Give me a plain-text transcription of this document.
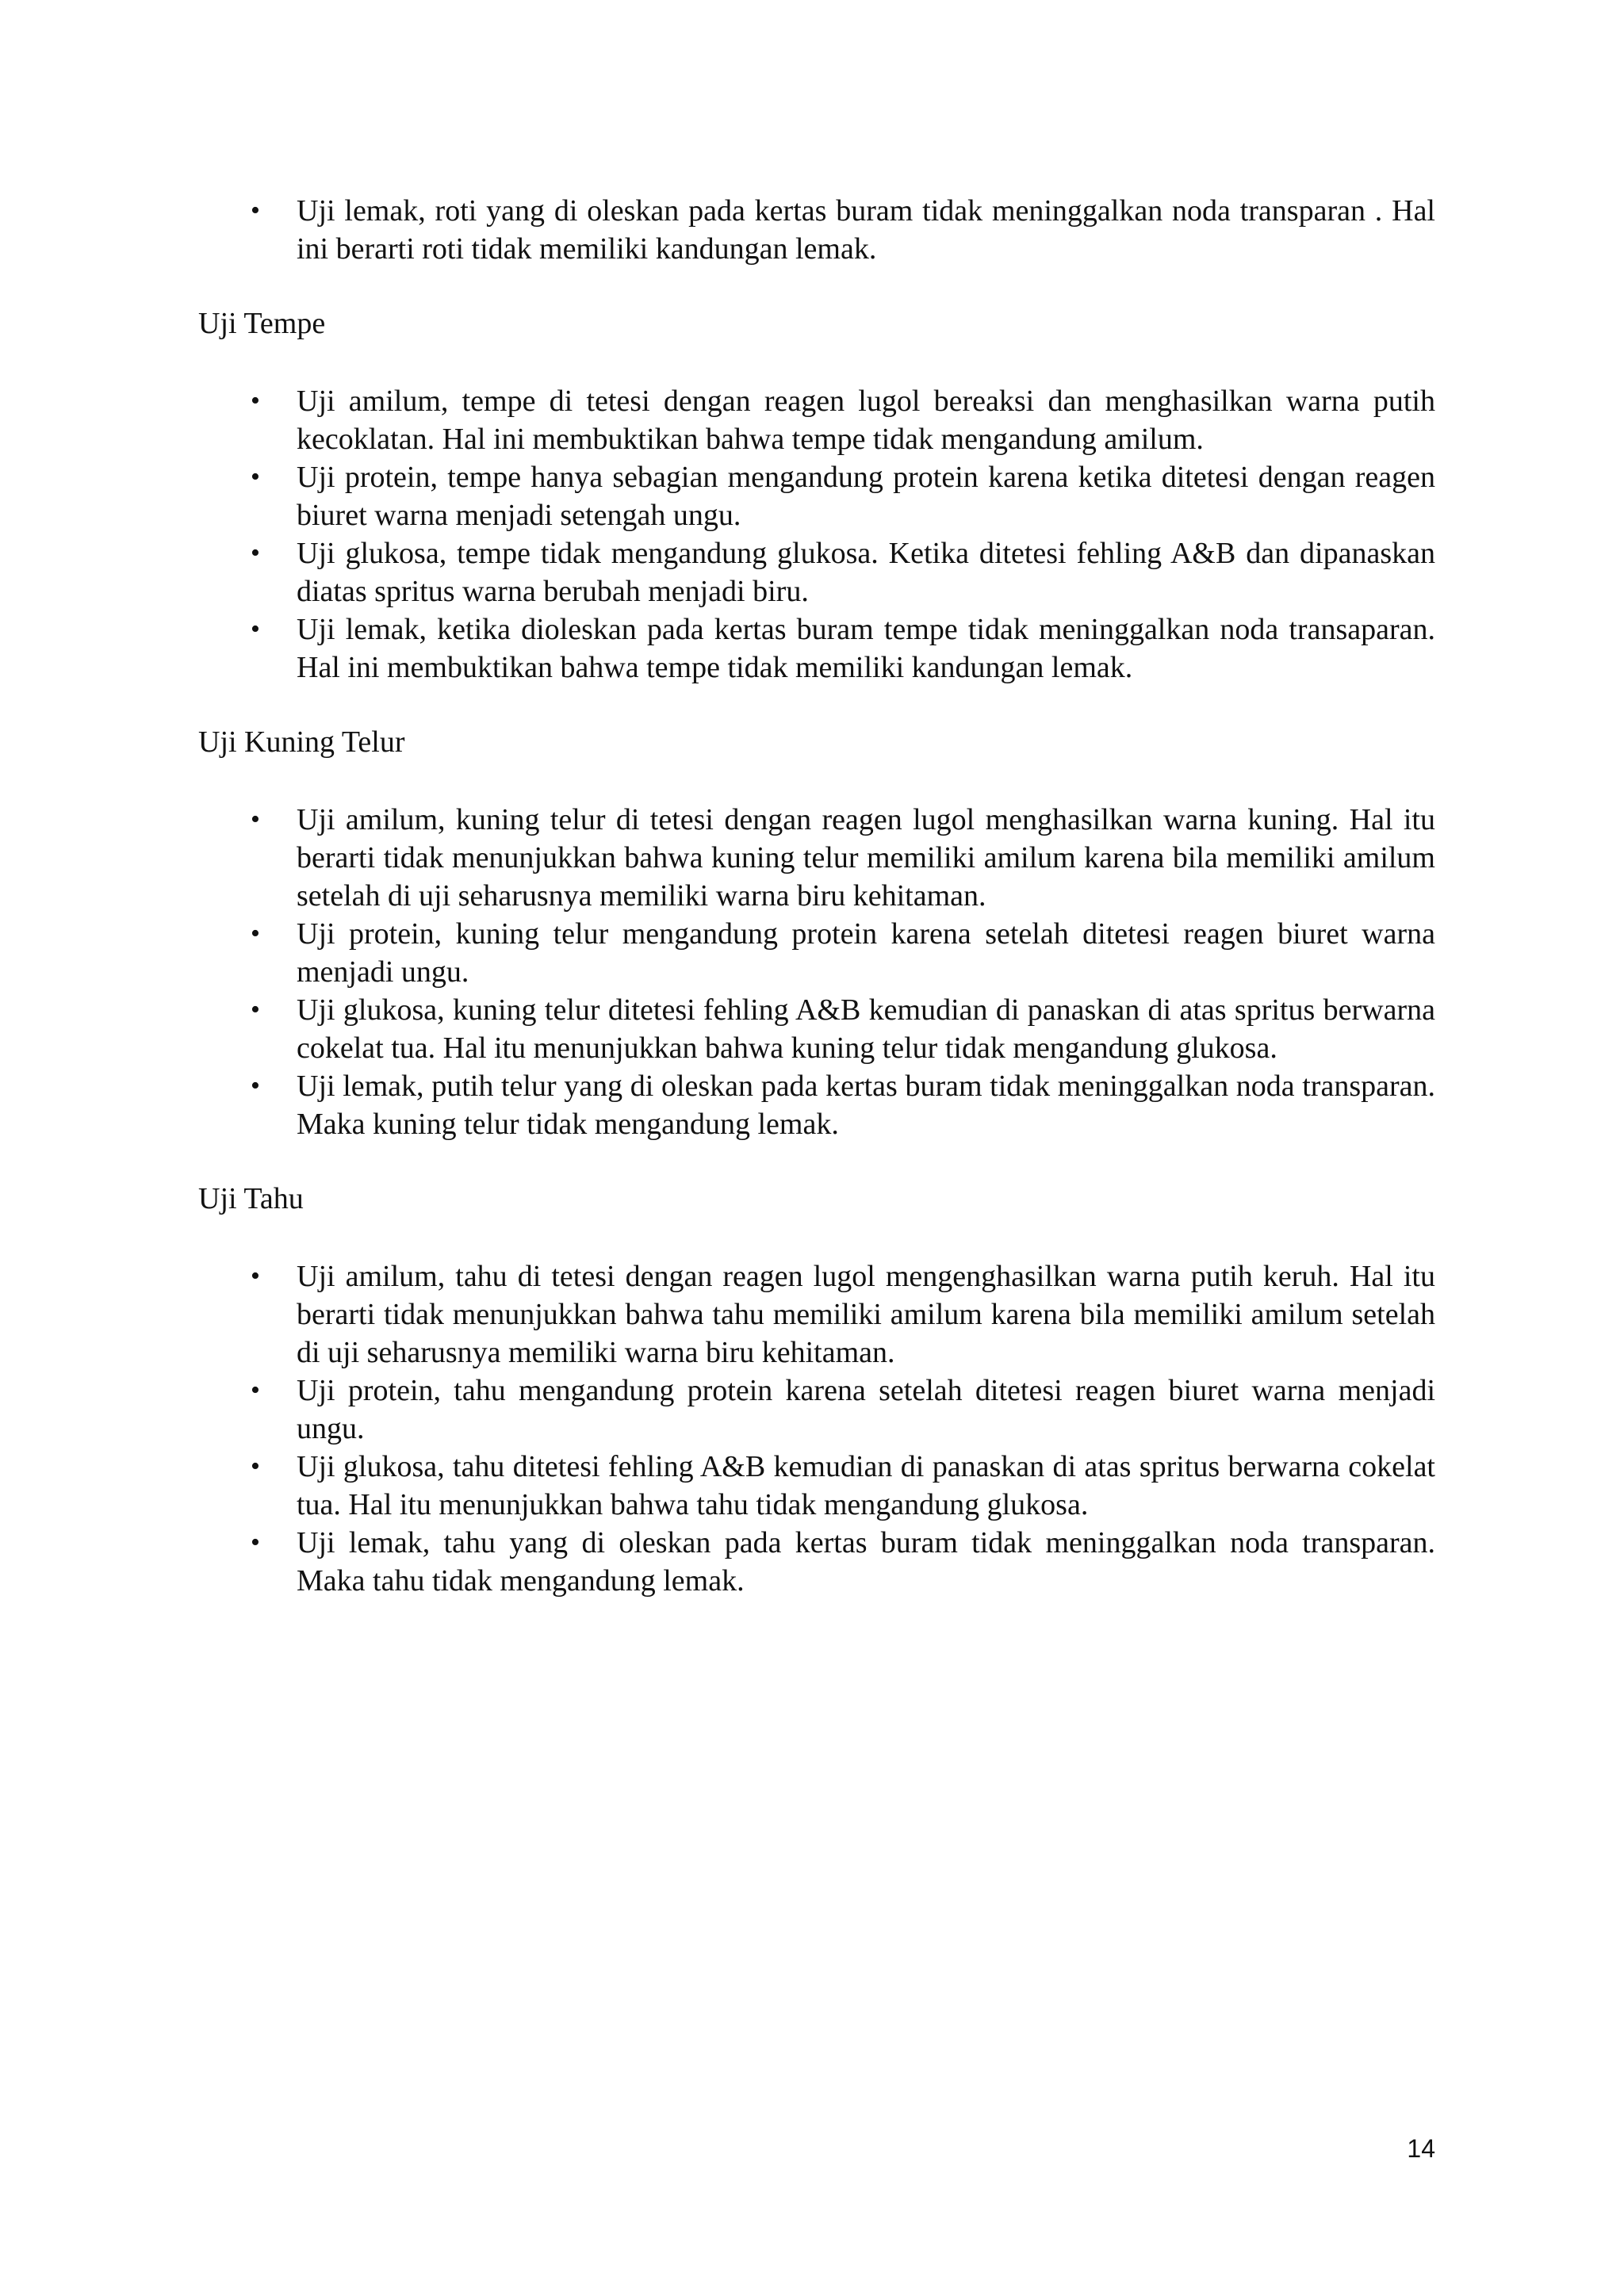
• Uji lemak, roti yang di oleskan pada kertas buram tidak meninggalkan noda transparan . Hal ini berarti roti tidak memiliki kandungan lemak.
Uji Tempe
• Uji amilum, tempe di tetesi dengan reagen lugol bereaksi dan menghasilkan warna putih kecoklatan. Hal ini membuktikan bahwa tempe tidak mengandung amilum.
• Uji protein, tempe hanya sebagian mengandung protein karena ketika ditetesi dengan reagen biuret warna menjadi setengah ungu.
• Uji glukosa, tempe tidak mengandung glukosa. Ketika ditetesi fehling A&B dan dipanaskan diatas spritus warna berubah menjadi biru.
• Uji lemak, ketika dioleskan pada kertas buram tempe tidak meninggalkan noda transaparan. Hal ini membuktikan bahwa tempe tidak memiliki kandungan lemak.
Uji Kuning Telur
• Uji amilum, kuning telur di tetesi dengan reagen lugol menghasilkan warna kuning. Hal itu berarti tidak menunjukkan bahwa kuning telur memiliki amilum karena bila memiliki amilum setelah di uji seharusnya memiliki warna biru kehitaman.
• Uji protein, kuning telur mengandung protein karena setelah ditetesi reagen biuret warna menjadi ungu.
• Uji glukosa, kuning telur ditetesi fehling A&B kemudian di panaskan di atas spritus berwarna cokelat tua. Hal itu menunjukkan bahwa kuning telur tidak mengandung glukosa.
• Uji lemak, putih telur yang di oleskan pada kertas buram tidak meninggalkan noda transparan. Maka kuning telur tidak mengandung lemak.
Uji Tahu
• Uji amilum, tahu di tetesi dengan reagen lugol mengenghasilkan warna putih keruh. Hal itu berarti tidak menunjukkan bahwa tahu memiliki amilum karena bila memiliki amilum setelah di uji seharusnya memiliki warna biru kehitaman.
• Uji protein, tahu mengandung protein karena setelah ditetesi reagen biuret warna menjadi ungu.
• Uji glukosa, tahu ditetesi fehling A&B kemudian di panaskan di atas spritus berwarna cokelat tua. Hal itu menunjukkan bahwa tahu tidak mengandung glukosa.
• Uji lemak, tahu yang di oleskan pada kertas buram tidak meninggalkan noda transparan. Maka tahu tidak mengandung lemak.
14
